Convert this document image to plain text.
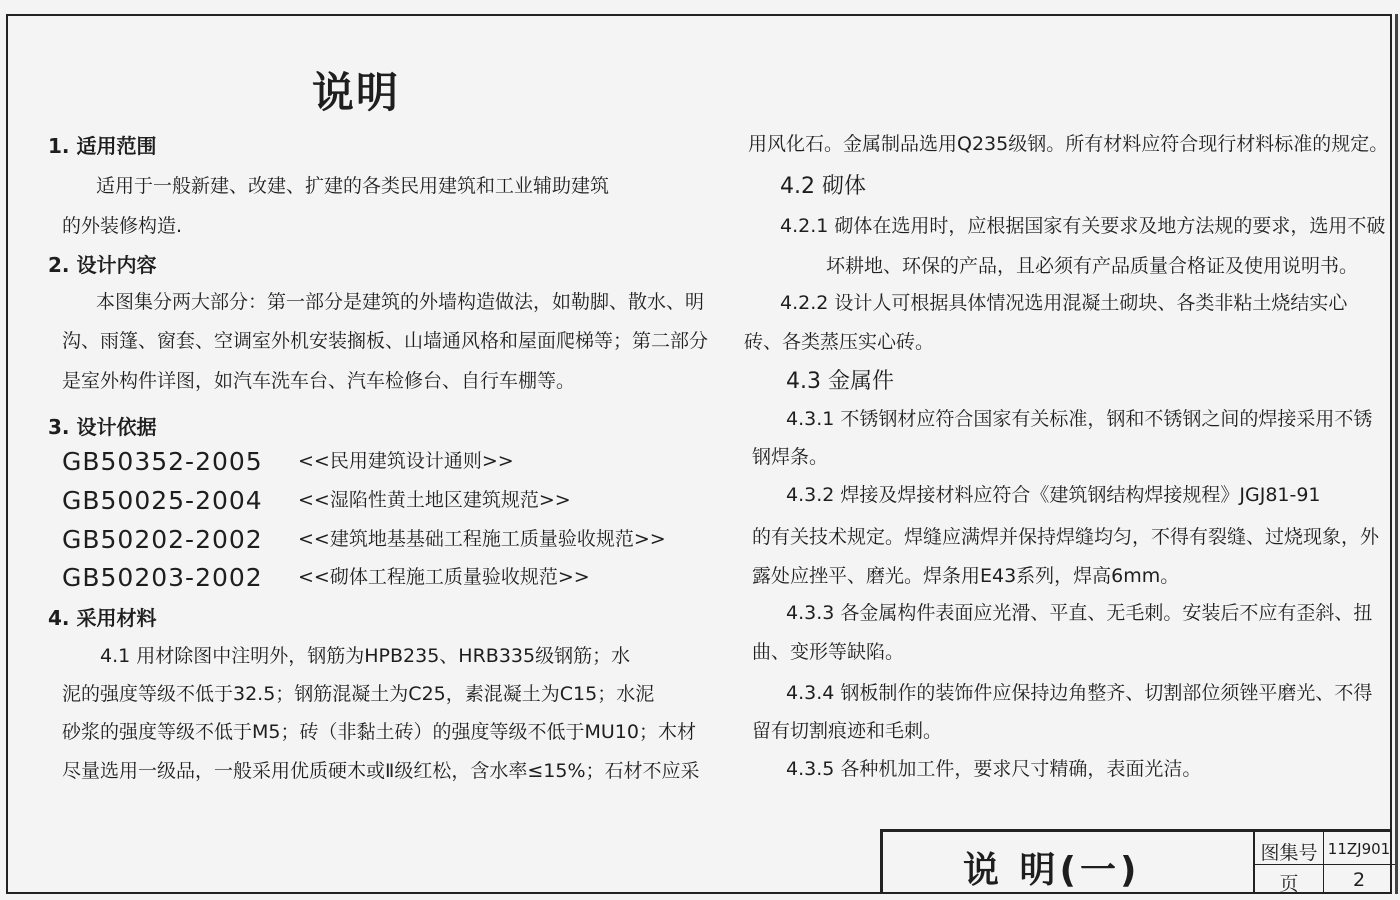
说明
1. 适用范围
适用于一般新建、改建、扩建的各类民用建筑和工业辅助建筑
的外装修构造.
2. 设计内容
本图集分两大部分：第一部分是建筑的外墙构造做法，如勒脚、散水、明
沟、雨篷、窗套、空调室外机安装搁板、山墙通风格和屋面爬梯等；第二部分
是室外构件详图，如汽车洗车台、汽车检修台、自行车棚等。
3. 设计依据
GB50352-2005 <<民用建筑设计通则>>
GB50025-2004 <<湿陷性黄土地区建筑规范>>
GB50202-2002 <<建筑地基基础工程施工质量验收规范>>
GB50203-2002 <<砌体工程施工质量验收规范>>
4. 采用材料
4.1 用材除图中注明外，钢筋为HPB235、HRB335级钢筋；水
泥的强度等级不低于32.5；钢筋混凝土为C25，素混凝土为C15；水泥
砂浆的强度等级不低于M5；砖（非黏土砖）的强度等级不低于MU10；木材
尽量选用一级品，一般采用优质硬木或Ⅱ级红松，含水率≤15%；石材不应采
用风化石。金属制品选用Q235级钢。所有材料应符合现行材料标准的规定。
4.2 砌体
4.2.1 砌体在选用时，应根据国家有关要求及地方法规的要求，选用不破
坏耕地、环保的产品，且必须有产品质量合格证及使用说明书。
4.2.2 设计人可根据具体情况选用混凝土砌块、各类非粘土烧结实心
砖、各类蒸压实心砖。
4.3 金属件
4.3.1 不锈钢材应符合国家有关标准，钢和不锈钢之间的焊接采用不锈
钢焊条。
4.3.2 焊接及焊接材料应符合《建筑钢结构焊接规程》JGJ81-91
的有关技术规定。焊缝应满焊并保持焊缝均匀，不得有裂缝、过烧现象，外
露处应挫平、磨光。焊条用E43系列，焊高6mm。
4.3.3 各金属构件表面应光滑、平直、无毛刺。安装后不应有歪斜、扭
曲、变形等缺陷。
4.3.4 钢板制作的装饰件应保持边角整齐、切割部位须锉平磨光、不得
留有切割痕迹和毛刺。
4.3.5 各种机加工件，要求尺寸精确，表面光洁。
说 明(一)	图集号 11ZJ901
页	2
